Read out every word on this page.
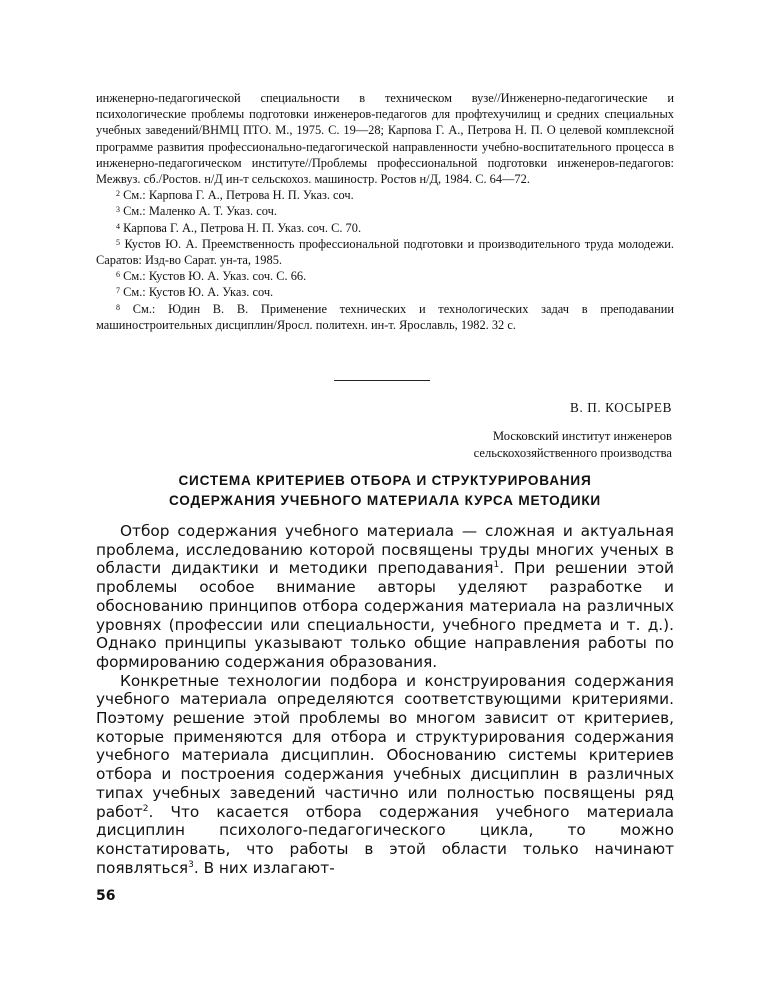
инженерно-педагогической специальности в техническом вузе//Инженерно-педагогические и психологические проблемы подготовки инженеров-педагогов для профтехучилищ и средних специальных учебных заведений/ВНМЦ ПТО. М., 1975. С. 19—28; Карпова Г. А., Петрова Н. П. О целевой комплексной программе развития профессионально-педагогической направленности учебно-воспитательного процесса в инженерно-педагогическом институте//Проблемы профессиональной подготовки инженеров-педагогов: Межвуз. сб./Ростов. н/Д ин-т сельскохоз. машиностр. Ростов н/Д, 1984. С. 64—72.
$^2$ См.: Карпова Г. А., Петрова Н. П. Указ. соч.
$^3$ См.: Маленко А. Т. Указ. соч.
$^4$ Карпова Г. А., Петрова Н. П. Указ. соч. С. 70.
$^5$ Кустов Ю. А. Преемственность профессиональной подготовки и производительного труда молодежи. Саратов: Изд-во Сарат. ун-та, 1985.
$^6$ См.: Кустов Ю. А. Указ. соч. С. 66.
$^7$ См.: Кустов Ю. А. Указ. соч.
$^8$ См.: Юдин В. В. Применение технических и технологических задач в преподавании машиностроительных дисциплин/Яросл. политехн. ин-т. Ярославль, 1982. 32 с.
В. П. КОСЫРЕВ
Московский институт инженеров
сельскохозяйственного производства
СИСТЕМА КРИТЕРИЕВ ОТБОРА И СТРУКТУРИРОВАНИЯ
СОДЕРЖАНИЯ УЧЕБНОГО МАТЕРИАЛА КУРСА МЕТОДИКИ

Отбор содержания учебного материала — сложная и актуальная проблема, исследованию которой посвящены труды многих ученых в области дидактики и методики преподавания$^1$. При решении этой проблемы особое внимание авторы уделяют разработке и обоснованию принципов отбора содержания материала на различных уровнях (профессии или специальности, учебного предмета и т. д.). Однако принципы указывают только общие направления работы по формированию содержания образования.

Конкретные технологии подбора и конструирования содержания учебного материала определяются соответствующими критериями. Поэтому решение этой проблемы во многом зависит от критериев, которые применяются для отбора и структурирования содержания учебного материала дисциплин. Обоснованию системы критериев отбора и построения содержания учебных дисциплин в различных типах учебных заведений частично или полностью посвящены ряд работ$^2$. Что касается отбора содержания учебного материала дисциплин психолого-педагогического цикла, то можно констатировать, что работы в этой области только начинают появляться$^3$. В них излагают-

56
